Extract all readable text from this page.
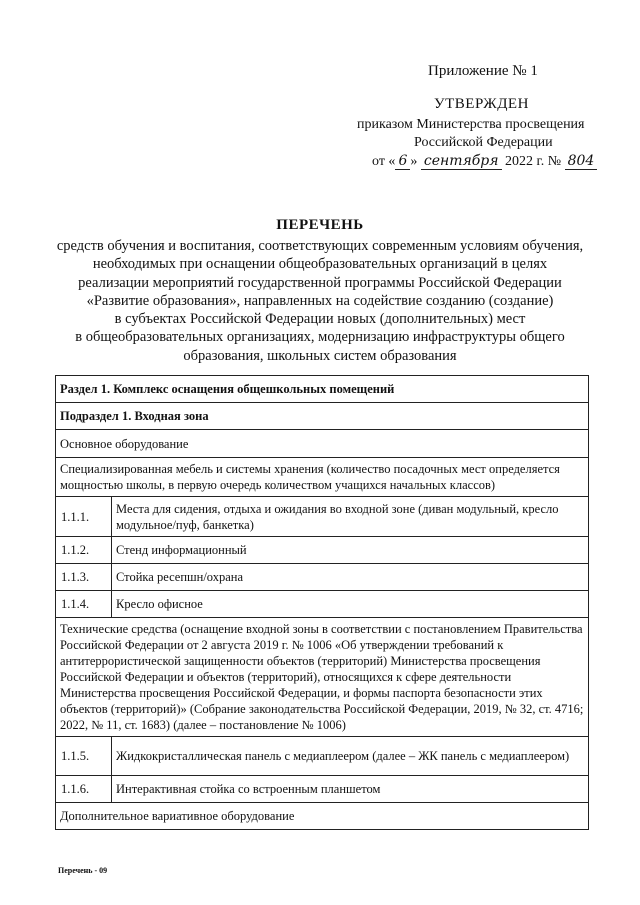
Приложение № 1
УТВЕРЖДЕН
приказом Министерства просвещения
Российской Федерации
от « 6 » сентября 2022 г. № 804
ПЕРЕЧЕНЬ
средств обучения и воспитания, соответствующих современным условиям обучения,
необходимых при оснащении общеобразовательных организаций в целях
реализации мероприятий государственной программы Российской Федерации
«Развитие образования», направленных на содействие созданию (создание)
в субъектах Российской Федерации новых (дополнительных) мест
в общеобразовательных организациях, модернизацию инфраструктуры общего
образования, школьных систем образования
Раздел 1. Комплекс оснащения общешкольных помещений	
Подраздел 1. Входная зона	
Основное оборудование	
Специализированная мебель и системы хранения (количество посадочных мест определяется мощностью школы, в первую очередь количеством учащихся начальных классов)	
1.1.1.	Места для сидения, отдыха и ожидания во входной зоне (диван модульный, кресло модульное/пуф, банкетка)
1.1.2.	Стенд информационный
1.1.3.	Стойка ресепшн/охрана
1.1.4.	Кресло офисное
Технические средства (оснащение входной зоны в соответствии с постановлением Правительства Российской Федерации от 2 августа 2019 г. № 1006 «Об утверждении требований к антитеррористической защищенности объектов (территорий) Министерства просвещения Российской Федерации и объектов (территорий), относящихся к сфере деятельности Министерства просвещения Российской Федерации, и формы паспорта безопасности этих объектов (территорий)» (Собрание законодательства Российской Федерации, 2019, № 32, ст. 4716; 2022, № 11, ст. 1683) (далее – постановление № 1006)	
1.1.5.	Жидкокристаллическая панель с медиаплеером (далее – ЖК панель с медиаплеером)
1.1.6.	Интерактивная стойка со встроенным планшетом
Дополнительное вариативное оборудование	
Перечень - 09
